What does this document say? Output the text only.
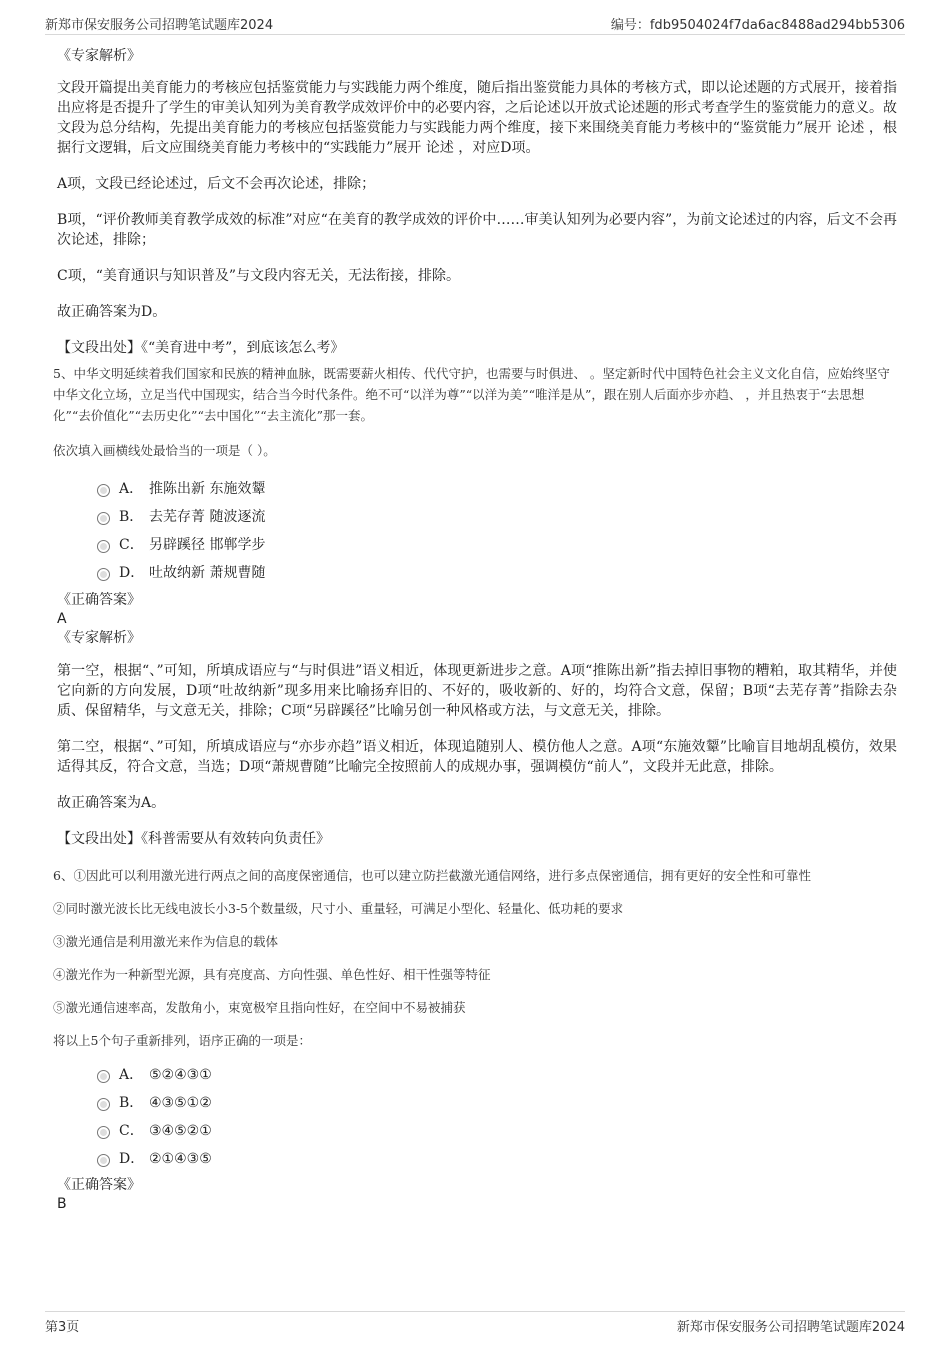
新郑市保安服务公司招聘笔试题库2024	编号：fdb9504024f7da6ac8488ad294bb5306

《专家解析》

文段开篇提出美育能力的考核应包括鉴赏能力与实践能力两个维度，随后指出鉴赏能力具体的考核方式，即以论述题的方式展开，接着指出应将是否提升了学生的审美认知列为美育教学成效评价中的必要内容，之后论述以开放式论述题的形式考查学生的鉴赏能力的意义。故文段为总分结构，先提出美育能力的考核应包括鉴赏能力与实践能力两个维度，接下来围绕美育能力考核中的“鉴赏能力”展开 论述 ，根据行文逻辑，后文应围绕美育能力考核中的“实践能力”展开 论述 ，对应D项。

A项，文段已经论述过，后文不会再次论述，排除；

B项，“评价教师美育教学成效的标准”对应“在美育的教学成效的评价中……审美认知列为必要内容”，为前文论述过的内容，后文不会再次论述，排除；

C项，“美育通识与知识普及”与文段内容无关，无法衔接，排除。

故正确答案为D。

【文段出处】《“美育进中考”，到底该怎么考》

5、中华文明延续着我们国家和民族的精神血脉，既需要薪火相传、代代守护，也需要与时俱进、 。坚定新时代中国特色社会主义文化自信，应始终坚守中华文化立场，立足当代中国现实，结合当今时代条件。绝不可“以洋为尊”“以洋为美”“唯洋是从”，跟在别人后面亦步亦趋、 ，并且热衷于“去思想化”“去价值化”“去历史化”“去中国化”“去主流化”那一套。

依次填入画横线处最恰当的一项是（ ）。

A． 推陈出新 东施效颦
B． 去芜存菁 随波逐流
C． 另辟蹊径 邯郸学步
D． 吐故纳新 萧规曹随

《正确答案》

A

《专家解析》

第一空，根据“、”可知，所填成语应与“与时俱进”语义相近，体现更新进步之意。A项“推陈出新”指去掉旧事物的糟粕，取其精华，并使它向新的方向发展，D项“吐故纳新”现多用来比喻扬弃旧的、不好的，吸收新的、好的，均符合文意，保留；B项“去芜存菁”指除去杂质、保留精华，与文意无关，排除；C项“另辟蹊径”比喻另创一种风格或方法，与文意无关，排除。

第二空，根据“、”可知，所填成语应与“亦步亦趋”语义相近，体现追随别人、模仿他人之意。A项“东施效颦”比喻盲目地胡乱模仿，效果适得其反，符合文意，当选；D项“萧规曹随”比喻完全按照前人的成规办事，强调模仿“前人”，文段并无此意，排除。

故正确答案为A。

【文段出处】《科普需要从有效转向负责任》

6、①因此可以利用激光进行两点之间的高度保密通信，也可以建立防拦截激光通信网络，进行多点保密通信，拥有更好的安全性和可靠性

②同时激光波长比无线电波长小3-5个数量级，尺寸小、重量轻，可满足小型化、轻量化、低功耗的要求

③激光通信是利用激光来作为信息的载体

④激光作为一种新型光源，具有亮度高、方向性强、单色性好、相干性强等特征

⑤激光通信速率高，发散角小，束宽极窄且指向性好，在空间中不易被捕获

将以上5个句子重新排列，语序正确的一项是：

A． ⑤②④③①
B． ④③⑤①②
C． ③④⑤②①
D． ②①④③⑤

《正确答案》

B

第3页	新郑市保安服务公司招聘笔试题库2024
